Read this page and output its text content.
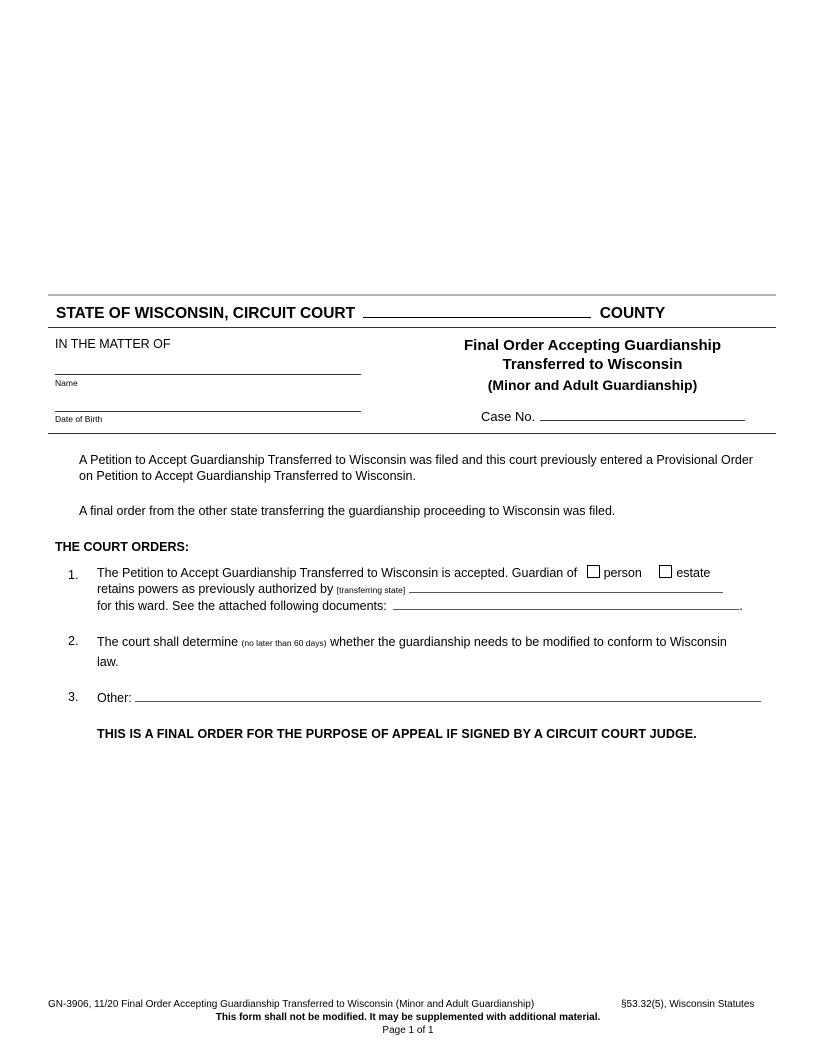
STATE OF WISCONSIN, CIRCUIT COURT	COUNTY
IN THE MATTER OF
Name
Date of Birth
Final Order Accepting Guardianship
Transferred to Wisconsin
(Minor and Adult Guardianship)
Case No.
A Petition to Accept Guardianship Transferred to Wisconsin was filed and this court previously entered a Provisional Order on Petition to Accept Guardianship Transferred to Wisconsin.
A final order from the other state transferring the guardianship proceeding to Wisconsin was filed.
THE COURT ORDERS:
1. The Petition to Accept Guardianship Transferred to Wisconsin is accepted. Guardian of person	estate
retains powers as previously authorized by [transferring state]
for this ward. See the attached following documents:	.
2. The court shall determine (no later than 60 days) whether the guardianship needs to be modified to conform to Wisconsin law.
3. Other:
THIS IS A FINAL ORDER FOR THE PURPOSE OF APPEAL IF SIGNED BY A CIRCUIT COURT JUDGE.
GN-3906, 11/20 Final Order Accepting Guardianship Transferred to Wisconsin (Minor and Adult Guardianship)	§53.32(5), Wisconsin Statutes
This form shall not be modified. It may be supplemented with additional material.
Page 1 of 1
